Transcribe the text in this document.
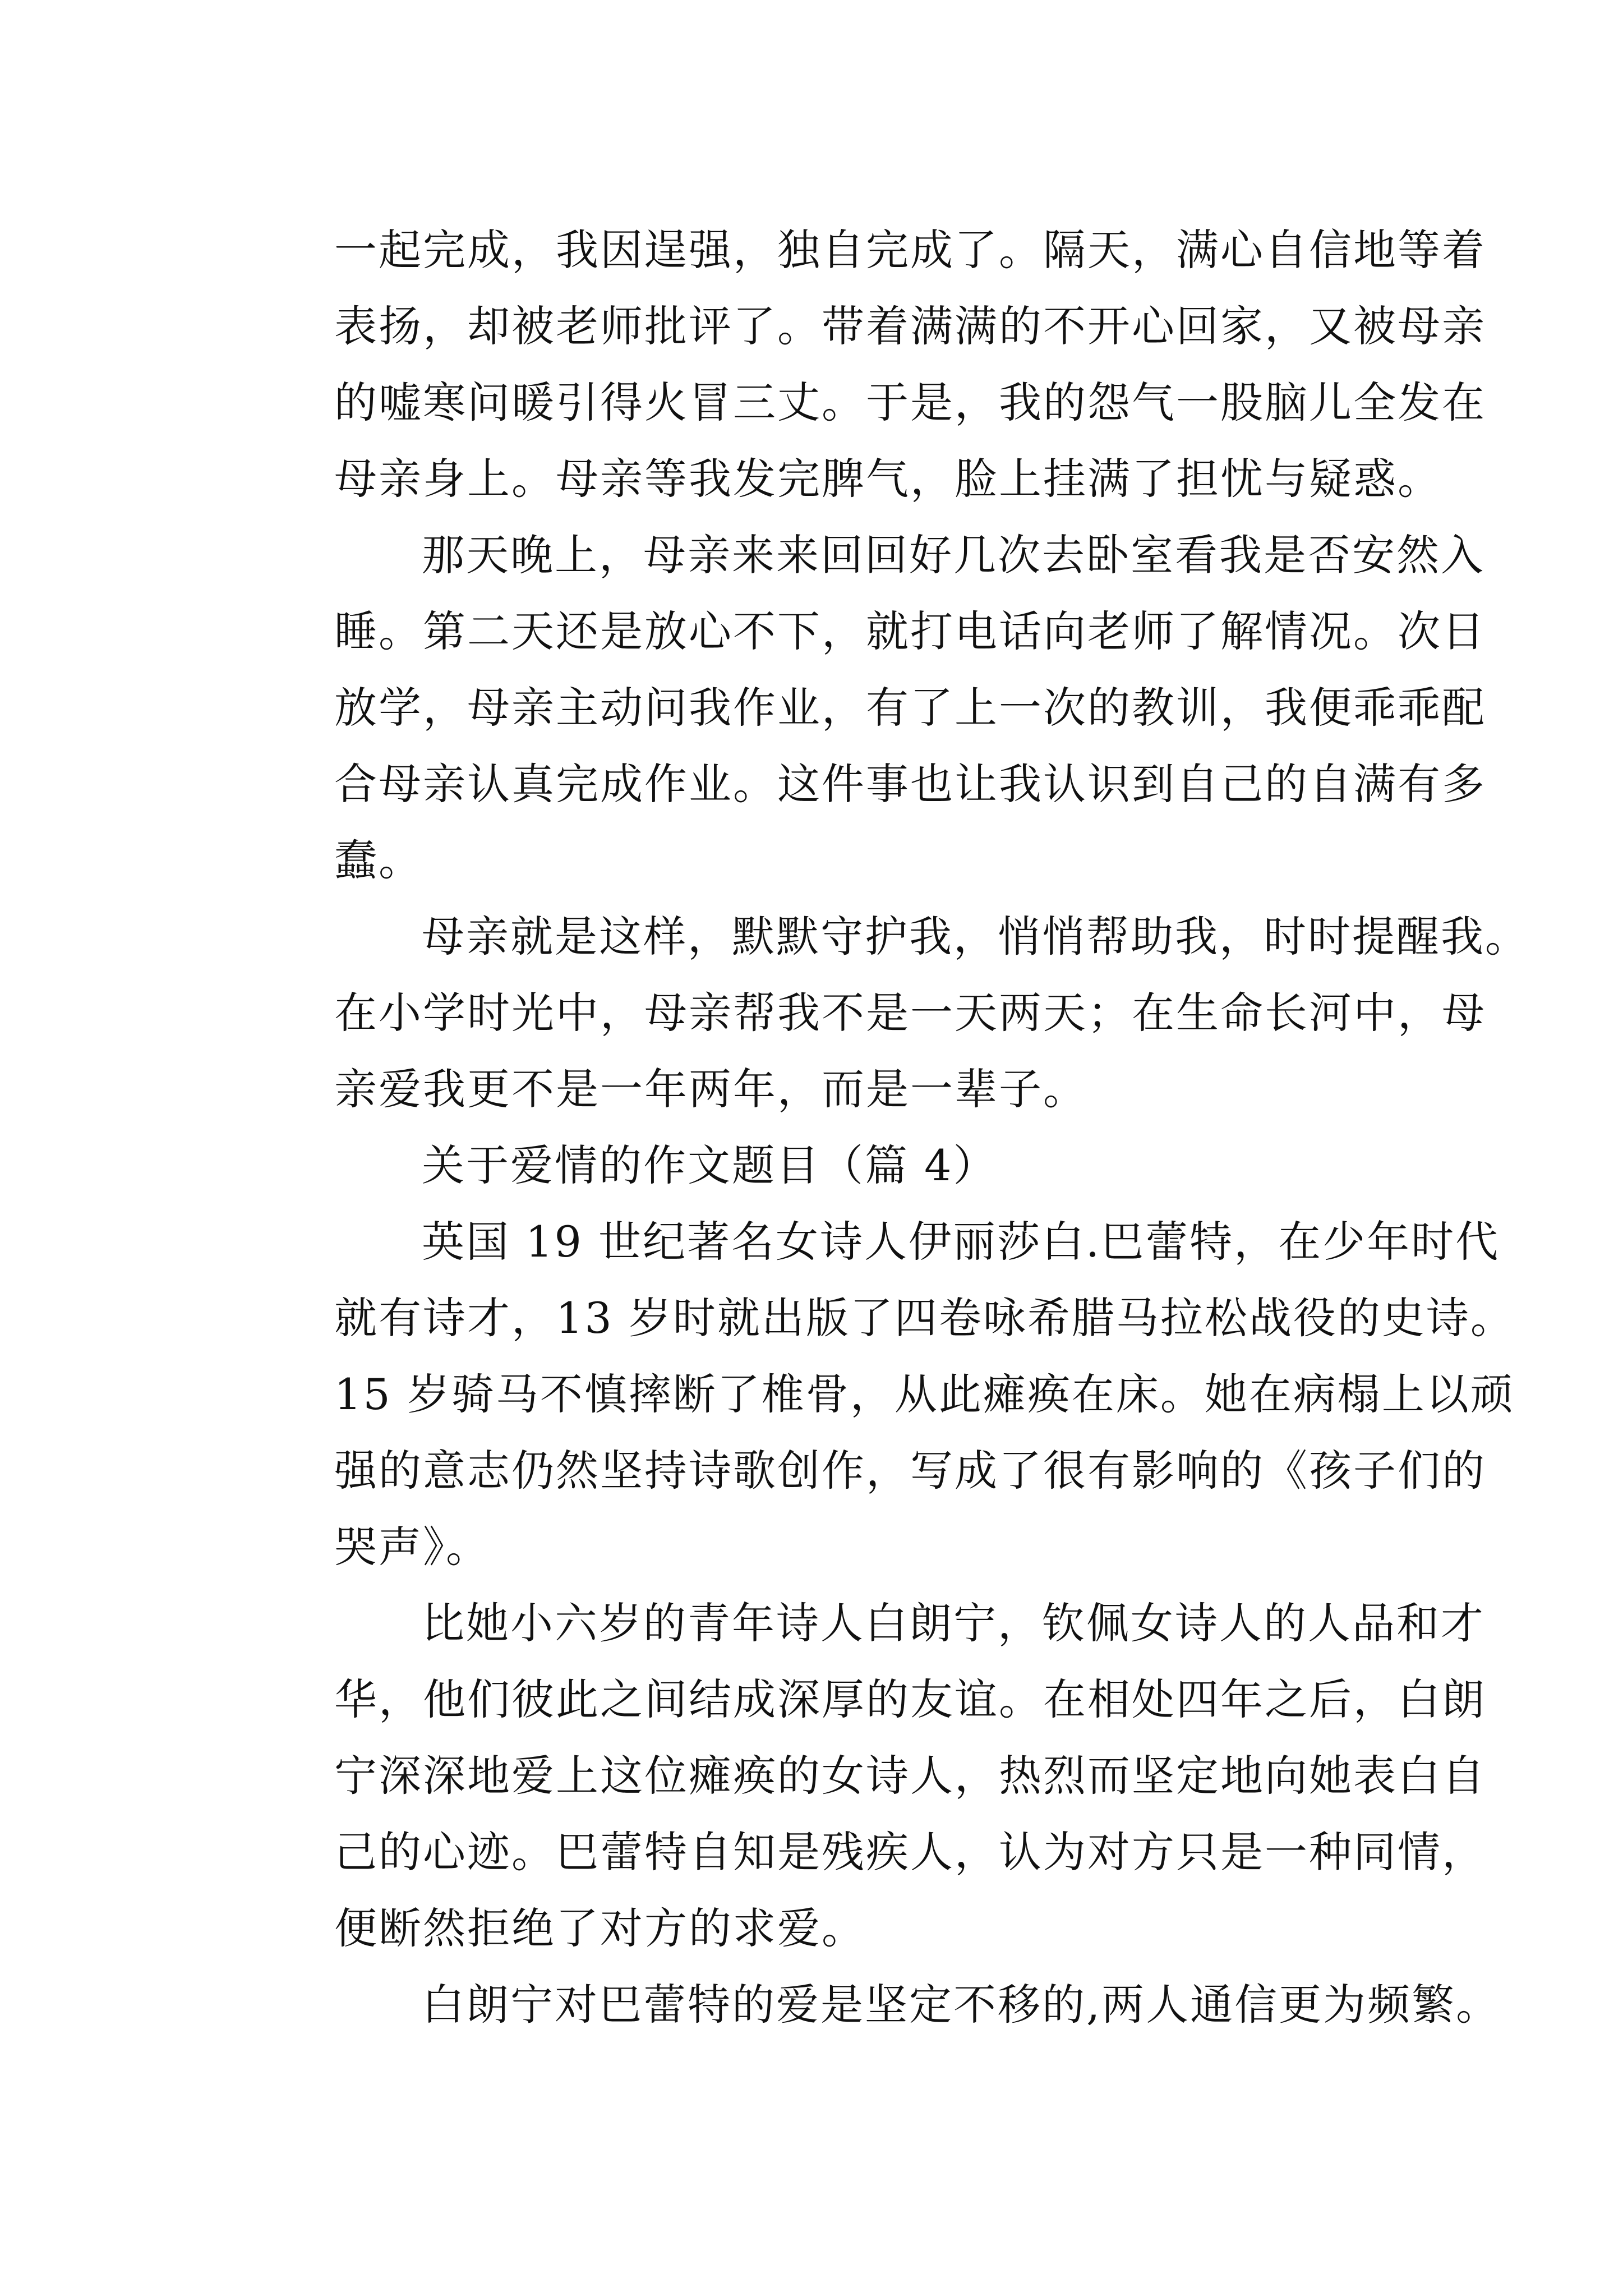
一起完成，我因逞强，独自完成了。隔天，满心自信地等着
表扬，却被老师批评了。带着满满的不开心回家，又被母亲
的嘘寒问暖引得火冒三丈。于是，我的怨气一股脑儿全发在
母亲身上。母亲等我发完脾气，脸上挂满了担忧与疑惑。
那天晚上，母亲来来回回好几次去卧室看我是否安然入
睡。第二天还是放心不下，就打电话向老师了解情况。次日
放学，母亲主动问我作业，有了上一次的教训，我便乖乖配
合母亲认真完成作业。这件事也让我认识到自己的自满有多
蠢。
母亲就是这样，默默守护我，悄悄帮助我，时时提醒我。
在小学时光中，母亲帮我不是一天两天；在生命长河中，母
亲爱我更不是一年两年，而是一辈子。
关于爱情的作文题目（篇 4）
英国 19 世纪著名女诗人伊丽莎白.巴蕾特，在少年时代
就有诗才，13 岁时就出版了四卷咏希腊马拉松战役的史诗。
15 岁骑马不慎摔断了椎骨，从此瘫痪在床。她在病榻上以顽
强的意志仍然坚持诗歌创作，写成了很有影响的《孩子们的
哭声》。
比她小六岁的青年诗人白朗宁，钦佩女诗人的人品和才
华，他们彼此之间结成深厚的友谊。在相处四年之后，白朗
宁深深地爱上这位瘫痪的女诗人，热烈而坚定地向她表白自
己的心迹。巴蕾特自知是残疾人，认为对方只是一种同情，
便断然拒绝了对方的求爱。
白朗宁对巴蕾特的爱是坚定不移的,两人通信更为频繁。
